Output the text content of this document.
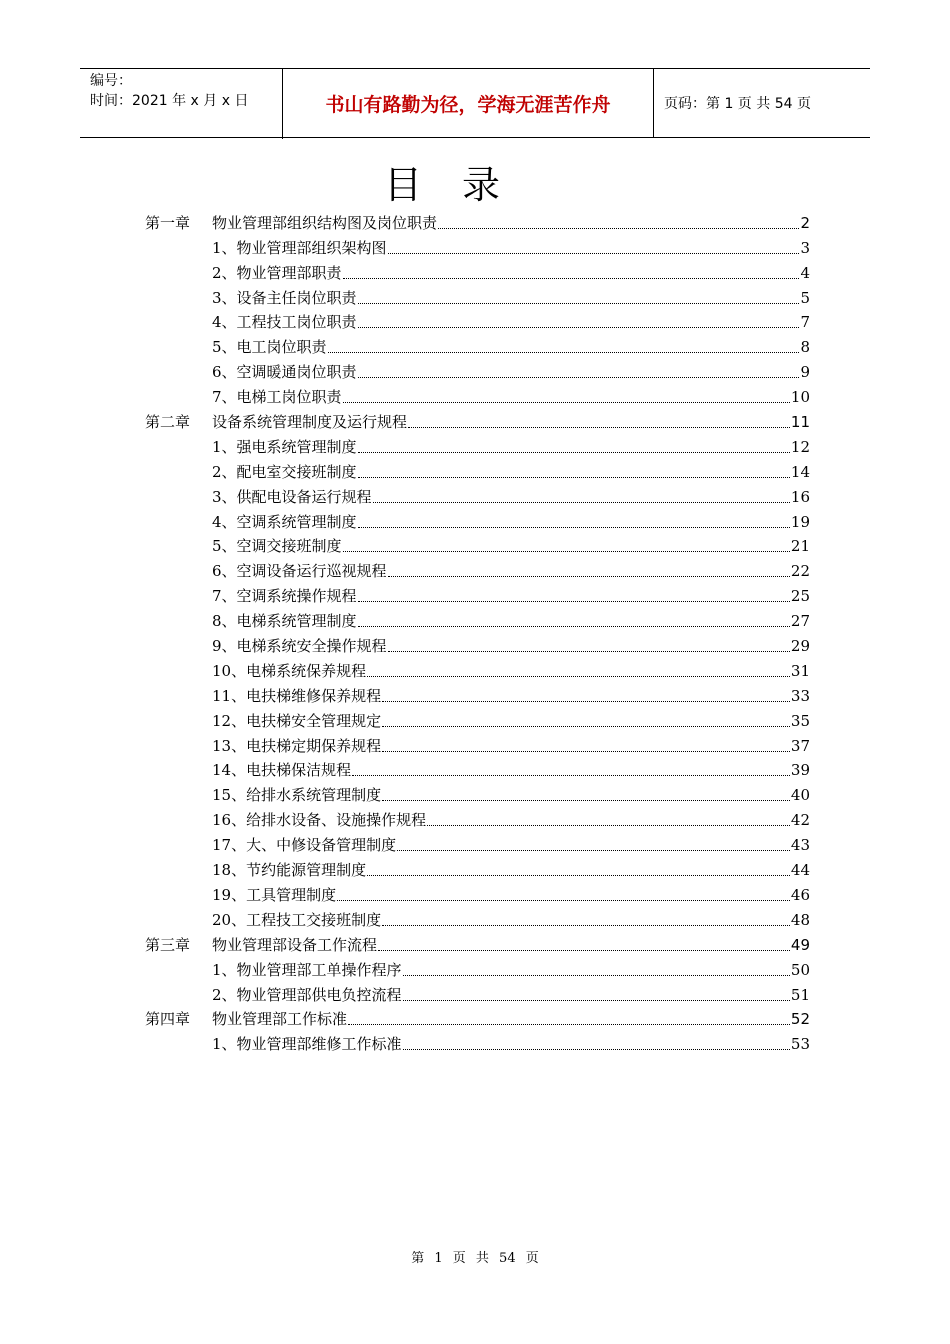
编号：
时间：2021 年 x 月 x 日	书山有路勤为径，学海无涯苦作舟	页码：第 1 页 共 54 页
目录
第一章	物业管理部组织结构图及岗位职责	2
1、物业管理部组织架构图	3
2、物业管理部职责	4
3、设备主任岗位职责	5
4、工程技工岗位职责	7
5、电工岗位职责	8
6、空调暖通岗位职责	9
7、电梯工岗位职责	10
第二章	设备系统管理制度及运行规程	11
1、强电系统管理制度	12
2、配电室交接班制度	14
3、供配电设备运行规程	16
4、空调系统管理制度	19
5、空调交接班制度	21
6、空调设备运行巡视规程	22
7、空调系统操作规程	25
8、电梯系统管理制度	27
9、电梯系统安全操作规程	29
10、电梯系统保养规程	31
11、电扶梯维修保养规程	33
12、电扶梯安全管理规定	35
13、电扶梯定期保养规程	37
14、电扶梯保洁规程	39
15、给排水系统管理制度	40
16、给排水设备、设施操作规程	42
17、大、中修设备管理制度	43
18、节约能源管理制度	44
19、工具管理制度	46
20、工程技工交接班制度	48
第三章	物业管理部设备工作流程	49
1、物业管理部工单操作程序	50
2、物业管理部供电负控流程	51
第四章	物业管理部工作标准	52
1、物业管理部维修工作标准	53
第 1 页 共 54 页
